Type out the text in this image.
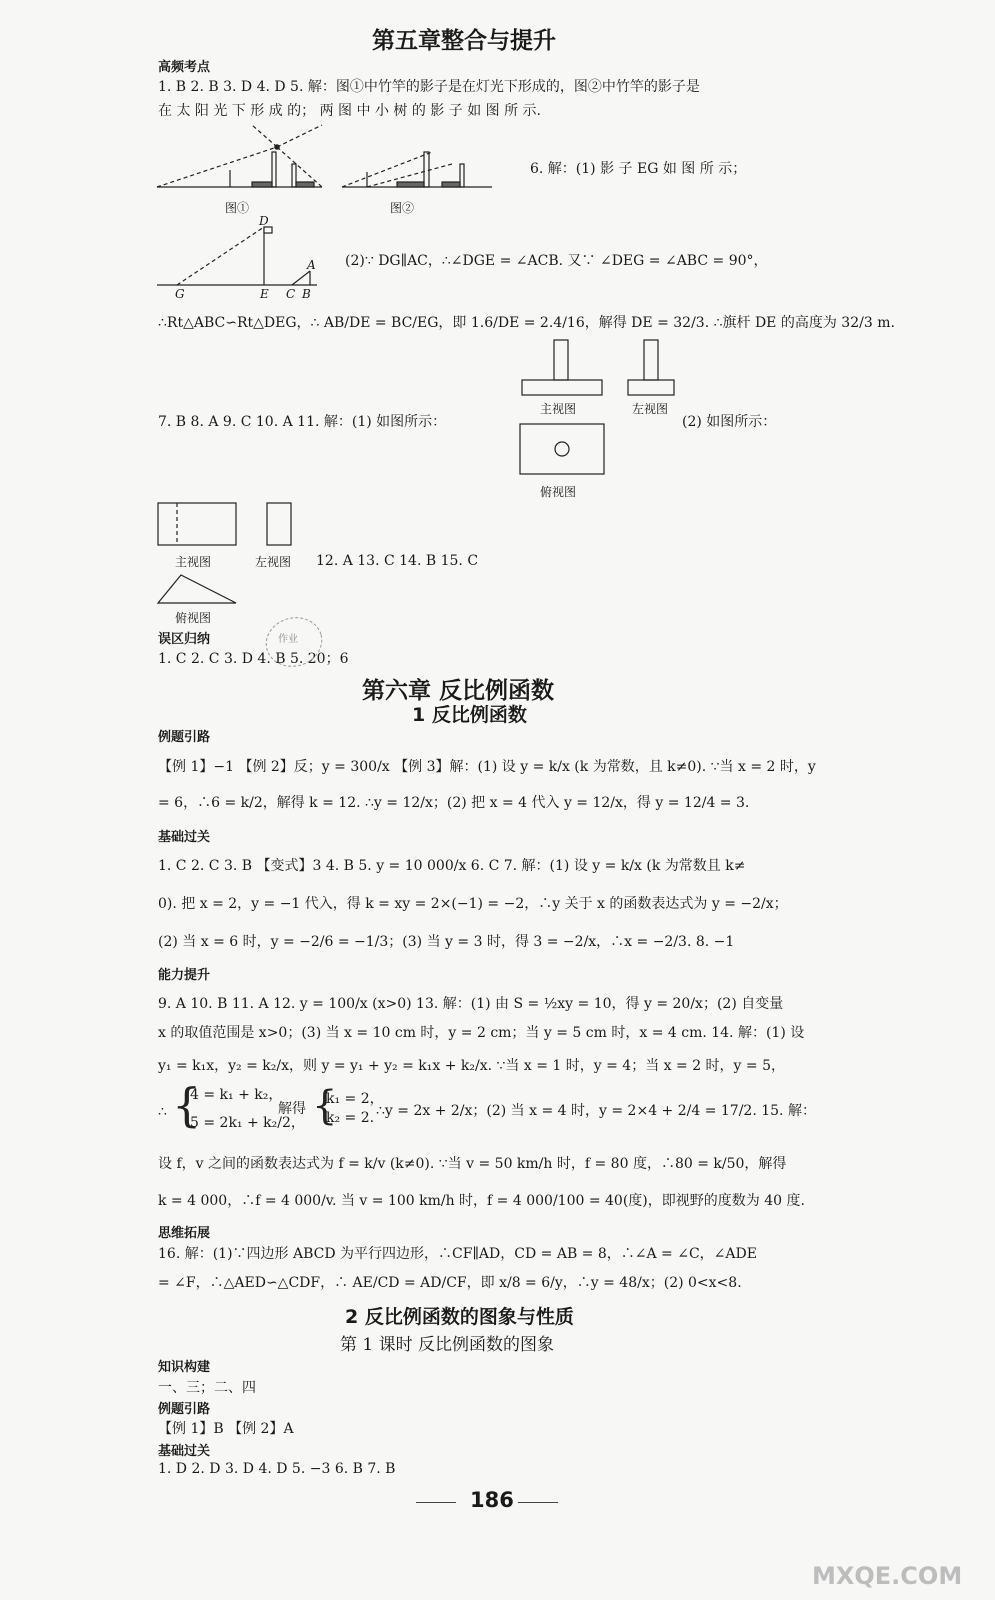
第五章整合与提升
高频考点
1. B 2. B 3. D 4. D 5. 解：图①中竹竿的影子是在灯光下形成的，图②中竹竿的影子是
在 太 阳 光 下 形 成 的； 两 图 中 小 树 的 影 子 如 图 所 示.
图①	图②
6. 解：(1) 影 子 EG 如 图 所 示；
D
A
G	E C B
(2)∵ DG∥AC，∴∠DGE = ∠ACB. 又∵ ∠DEG = ∠ABC = 90°，
∴Rt△ABC∽Rt△DEG，∴ AB/DE = BC/EG，即 1.6/DE = 2.4/16，解得 DE = 32/3. ∴旗杆 DE 的高度为 32/3 m.
主视图	左视图
俯视图
7. B 8. A 9. C 10. A 11. 解：(1) 如图所示：	(2) 如图所示：
主视图	左视图 12. A 13. C 14. B 15. C
俯视图
误区归纳
1. C 2. C 3. D 4. B 5. 20；6
作业
第六章 反比例函数
1 反比例函数
例题引路
【例 1】−1 【例 2】反；y = 300/x 【例 3】解：(1) 设 y = k/x (k 为常数，且 k≠0). ∵当 x = 2 时，y
= 6，∴6 = k/2，解得 k = 12. ∴y = 12/x；(2) 把 x = 4 代入 y = 12/x，得 y = 12/4 = 3.
基础过关
1. C 2. C 3. B 【变式】3 4. B 5. y = 10 000/x 6. C 7. 解：(1) 设 y = k/x (k 为常数且 k≠
0). 把 x = 2，y = −1 代入，得 k = xy = 2×(−1) = −2，∴y 关于 x 的函数表达式为 y = −2/x；
(2) 当 x = 6 时，y = −2/6 = −1/3；(3) 当 y = 3 时，得 3 = −2/x，∴x = −2/3. 8. −1
能力提升
9. A 10. B 11. A 12. y = 100/x (x>0) 13. 解：(1) 由 S = ½xy = 10，得 y = 20/x；(2) 自变量
x 的取值范围是 x>0；(3) 当 x = 10 cm 时，y = 2 cm；当 y = 5 cm 时，x = 4 cm. 14. 解：(1) 设
y₁ = k₁x，y₂ = k₂/x，则 y = y₁ + y₂ = k₁x + k₂/x. ∵当 x = 1 时，y = 4；当 x = 2 时，y = 5，
∴ {
4 = k₁ + k₂，
5 = 2k₁ + k₂/2，
解得 {
k₁ = 2，
k₂ = 2. ∴y = 2x + 2/x；(2) 当 x = 4 时，y = 2×4 + 2/4 = 17/2. 15. 解：
设 f，v 之间的函数表达式为 f = k/v (k≠0). ∵当 v = 50 km/h 时，f = 80 度，∴80 = k/50，解得
k = 4 000，∴f = 4 000/v. 当 v = 100 km/h 时，f = 4 000/100 = 40(度)，即视野的度数为 40 度.
思维拓展
16. 解：(1)∵四边形 ABCD 为平行四边形，∴CF∥AD，CD = AB = 8，∴∠A = ∠C，∠ADE
= ∠F，∴△AED∽△CDF，∴ AE/CD = AD/CF，即 x/8 = 6/y，∴y = 48/x；(2) 0<x<8.
2 反比例函数的图象与性质
第 1 课时 反比例函数的图象
知识构建
一、三；二、四
例题引路
【例 1】B 【例 2】A
基础过关
1. D 2. D 3. D 4. D 5. −3 6. B 7. B
186
MXQE.COM
